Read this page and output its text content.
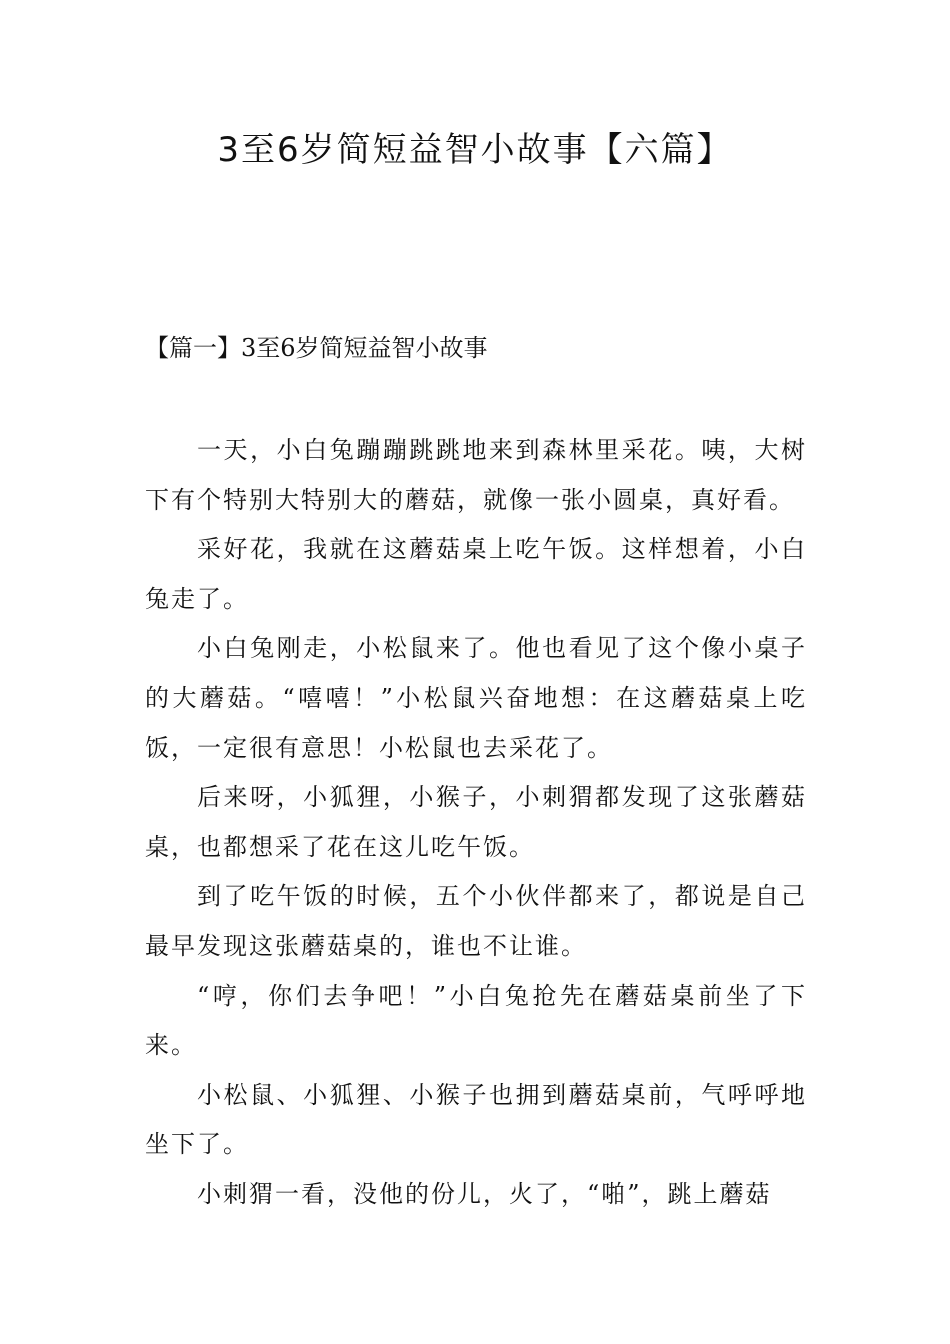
3至6岁简短益智小故事【六篇】
【篇一】3至6岁简短益智小故事

一天，小白兔蹦蹦跳跳地来到森林里采花。咦，大树下有个特别大特别大的蘑菇，就像一张小圆桌，真好看。

采好花，我就在这蘑菇桌上吃午饭。这样想着，小白兔走了。

小白兔刚走，小松鼠来了。他也看见了这个像小桌子的大蘑菇。“嘻嘻！”小松鼠兴奋地想：在这蘑菇桌上吃饭，一定很有意思！小松鼠也去采花了。

后来呀，小狐狸，小猴子，小刺猬都发现了这张蘑菇桌，也都想采了花在这儿吃午饭。

到了吃午饭的时候，五个小伙伴都来了，都说是自己最早发现这张蘑菇桌的，谁也不让谁。

“哼，你们去争吧！”小白兔抢先在蘑菇桌前坐了下来。

小松鼠、小狐狸、小猴子也拥到蘑菇桌前，气呼呼地坐下了。

小刺猬一看，没他的份儿，火了，“啪”，跳上蘑菇
